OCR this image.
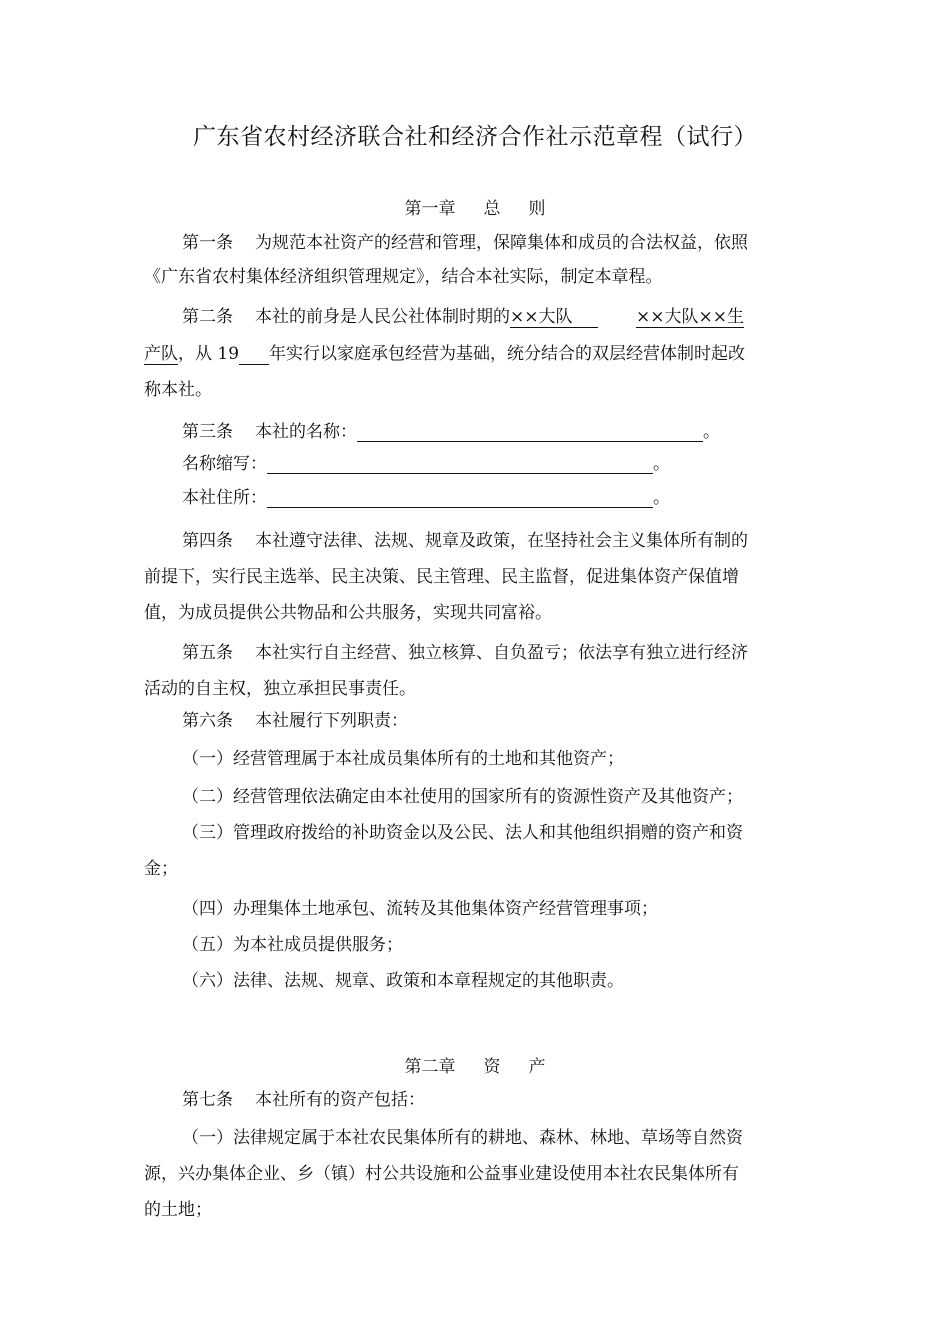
广东省农村经济联合社和经济合作社示范章程（试行）
第一章 总 则
第一条 为规范本社资产的经营和管理，保障集体和成员的合法权益，依照
《广东省农村集体经济组织管理规定》，结合本社实际，制定本章程。
第二条 本社的前身是人民公社体制时期的××大队	××大队××生
产队，从 19 年实行以家庭承包经营为基础，统分结合的双层经营体制时起改
称本社。
第三条 本社的名称：	。
名称缩写：	。
本社住所：	。
第四条 本社遵守法律、法规、规章及政策，在坚持社会主义集体所有制的
前提下，实行民主选举、民主决策、民主管理、民主监督，促进集体资产保值增
值，为成员提供公共物品和公共服务，实现共同富裕。
第五条 本社实行自主经营、独立核算、自负盈亏；依法享有独立进行经济
活动的自主权，独立承担民事责任。
第六条 本社履行下列职责：
（一）经营管理属于本社成员集体所有的土地和其他资产；
（二）经营管理依法确定由本社使用的国家所有的资源性资产及其他资产；
（三）管理政府拨给的补助资金以及公民、法人和其他组织捐赠的资产和资
金；
（四）办理集体土地承包、流转及其他集体资产经营管理事项；
（五）为本社成员提供服务；
（六）法律、法规、规章、政策和本章程规定的其他职责。
第二章 资 产
第七条 本社所有的资产包括：
（一）法律规定属于本社农民集体所有的耕地、森林、林地、草场等自然资
源，兴办集体企业、乡（镇）村公共设施和公益事业建设使用本社农民集体所有
的土地；
